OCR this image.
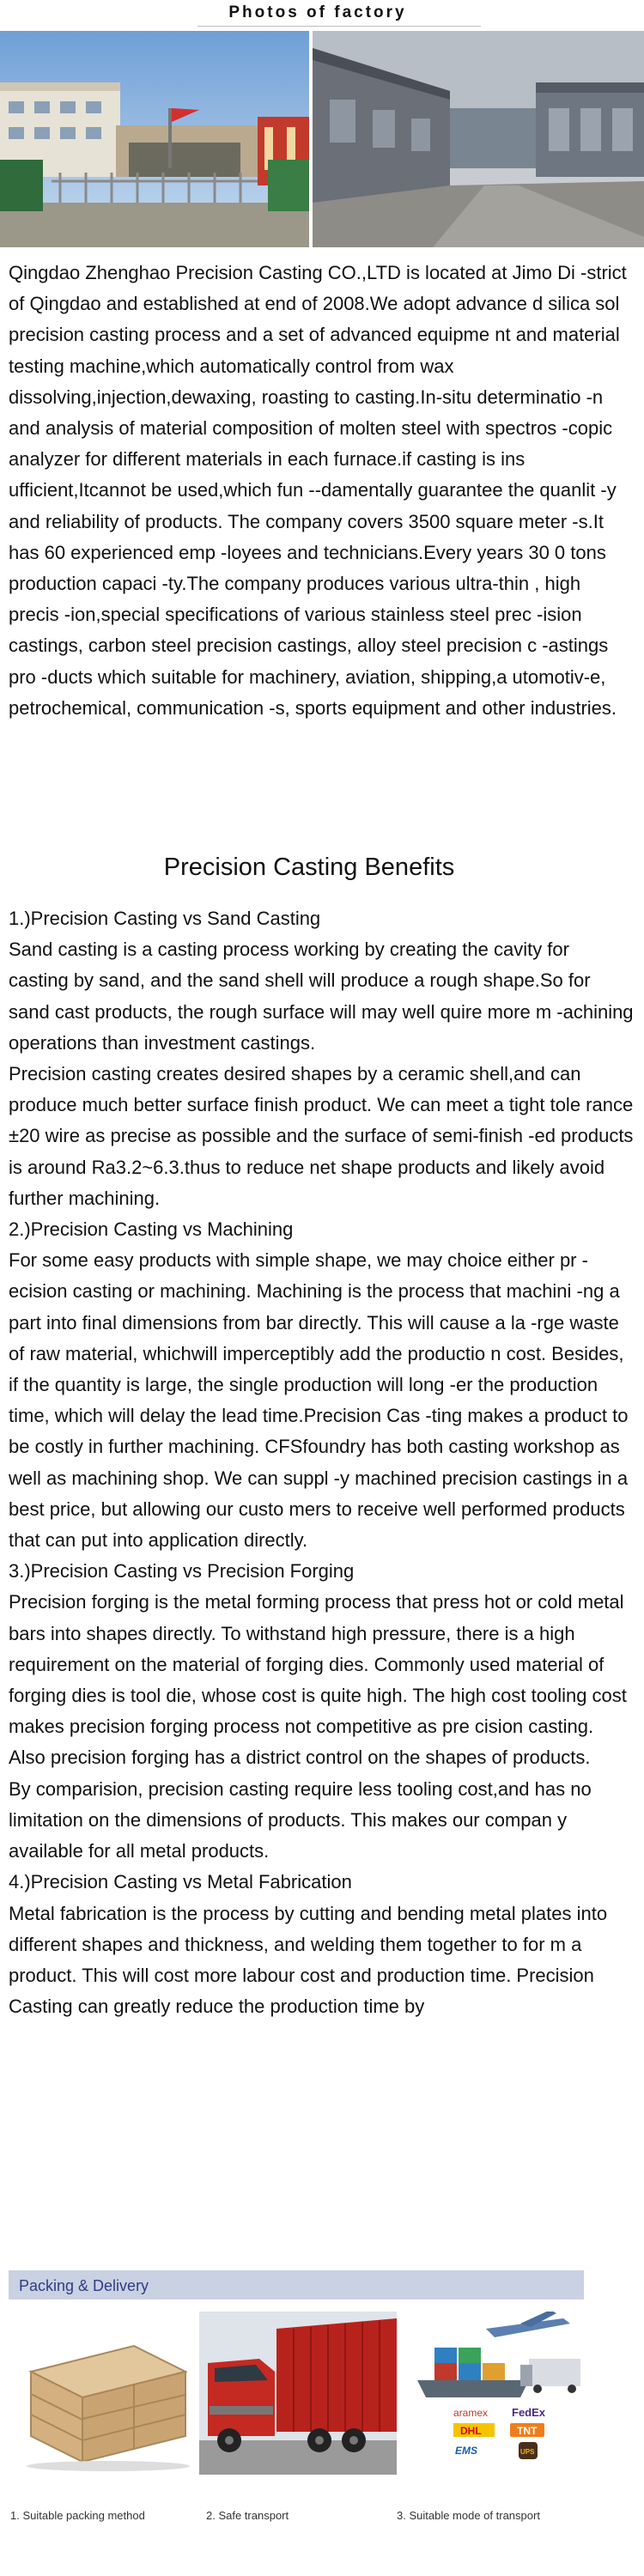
Photos of factory

Qingdao Zhenghao Precision Casting CO.,LTD is located at Jimo Di -strict of Qingdao and established at end of 2008.We adopt advance d silica sol precision casting process and a set of advanced equipme nt and material testing machine,which automatically control from wax dissolving,injection,dewaxing, roasting to casting.In-situ determinatio -n and analysis of material composition of molten steel with spectros -copic analyzer for different materials in each furnace.if casting is ins ufficient,Itcannot be used,which fun --damentally guarantee the quanlit -y and reliability of products. The company covers 3500 square meter -s.It has 60 experienced emp -loyees and technicians.Every years 30 0 tons production capaci -ty.The company produces various ultra-thin , high precis -ion,special specifications of various stainless steel prec -ision castings, carbon steel precision castings, alloy steel precision c -astings pro -ducts which suitable for machinery, aviation, shipping,a utomotiv-e, petrochemical, communication -s, sports equipment and other industries.

Precision Casting Benefits

1.)Precision Casting vs Sand Casting

Sand casting is a casting process working by creating the cavity for casting by sand, and the sand shell will produce a rough shape.So for sand cast products, the rough surface will may well quire more m -achining operations than investment castings.

Precision casting creates desired shapes by a ceramic shell,and can produce much better surface finish product. We can meet a tight tole rance ±20 wire as precise as possible and the surface of semi-finish -ed products is around Ra3.2~6.3.thus to reduce net shape products and likely avoid further machining.

2.)Precision Casting vs Machining

For some easy products with simple shape, we may choice either pr -ecision casting or machining. Machining is the process that machini -ng a part into final dimensions from bar directly. This will cause a la -rge waste of raw material, whichwill imperceptibly add the productio n cost. Besides, if the quantity is large, the single production will long -er the production time, which will delay the lead time.Precision Cas -ting makes a product to be costly in further machining. CFSfoundry has both casting workshop as well as machining shop. We can suppl -y machined precision castings in a best price, but allowing our custo mers to receive well performed products that can put into application directly.

3.)Precision Casting vs Precision Forging

Precision forging is the metal forming process that press hot or cold metal bars into shapes directly. To withstand high pressure, there is a high requirement on the material of forging dies. Commonly used material of forging dies is tool die, whose cost is quite high. The high cost tooling cost makes precision forging process not competitive as pre cision casting. Also precision forging has a district control on the shapes of products.

By comparision, precision casting require less tooling cost,and has no limitation on the dimensions of products. This makes our compan y available for all metal products.

4.)Precision Casting vs Metal Fabrication

Metal fabrication is the process by cutting and bending metal plates into different shapes and thickness, and welding them together to for m a product. This will cost more labour cost and production time. Precision Casting can greatly reduce the production time by

Packing & Delivery
aramex FedEx
DHL	TNT
EMS	UPS
1. Suitable packing method	2. Safe transport	3. Suitable mode of transport
